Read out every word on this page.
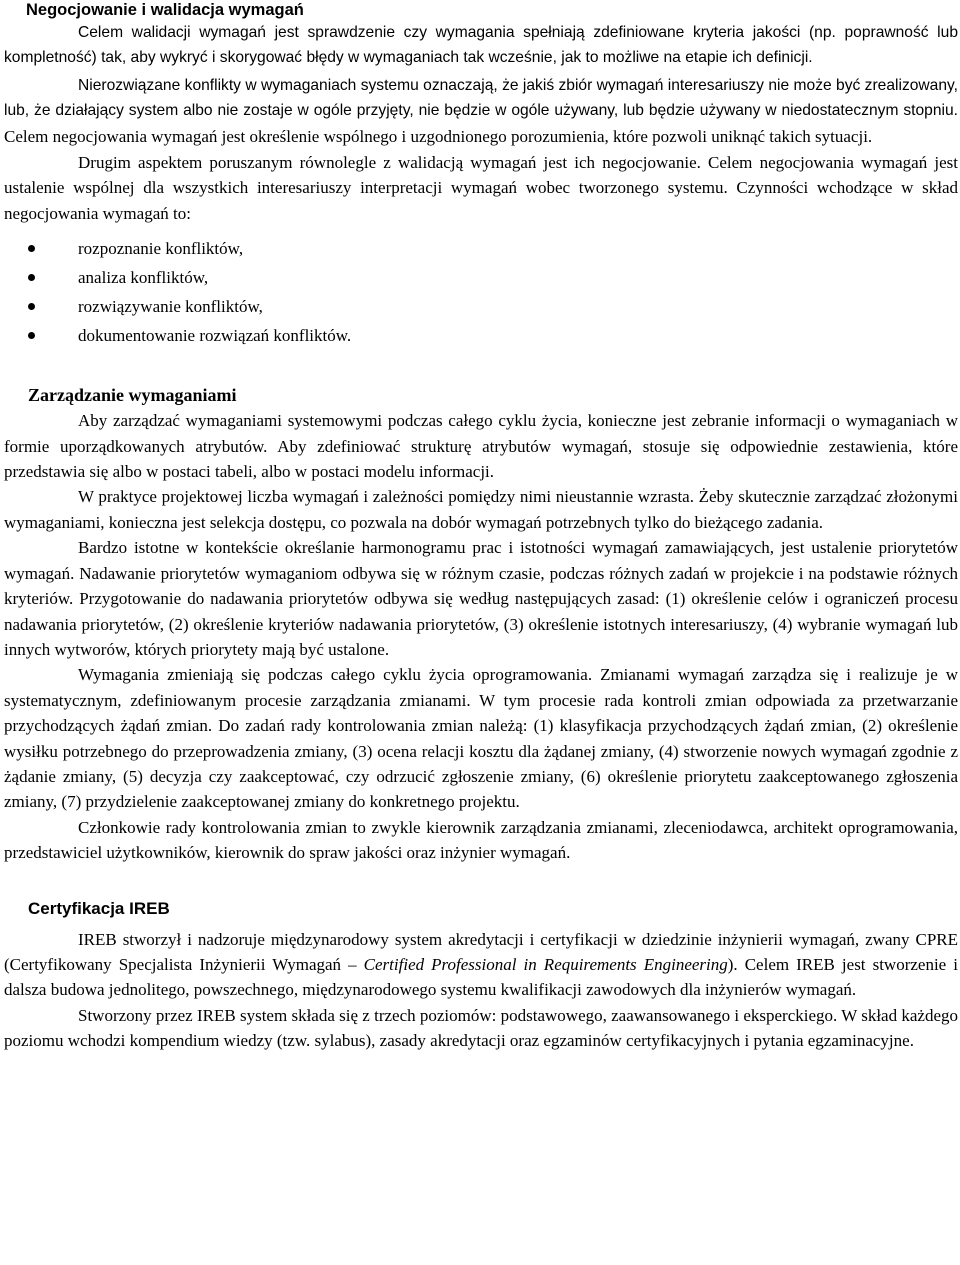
Negocjowanie i walidacja wymagań

Celem walidacji wymagań jest sprawdzenie czy wymagania spełniają zdefiniowane kryteria jakości (np. poprawność lub kompletność) tak, aby wykryć i skorygować błędy w wymaganiach tak wcześnie, jak to możliwe na etapie ich definicji.

Nierozwiązane konflikty w wymaganiach systemu oznaczają, że jakiś zbiór wymagań interesariuszy nie może być zrealizowany, lub, że działający system albo nie zostaje w ogóle przyjęty, nie będzie w ogóle używany, lub będzie używany w niedostatecznym stopniu. Celem negocjowania wymagań jest określenie wspólnego i uzgodnionego porozumienia, które pozwoli uniknąć takich sytuacji.

Drugim aspektem poruszanym równolegle z walidacją wymagań jest ich negocjowanie. Celem negocjowania wymagań jest ustalenie wspólnej dla wszystkich interesariuszy interpretacji wymagań wobec tworzonego systemu. Czynności wchodzące w skład negocjowania wymagań to:

rozpoznanie konfliktów,
analiza konfliktów,
rozwiązywanie konfliktów,
dokumentowanie rozwiązań konfliktów.
Zarządzanie wymaganiami

Aby zarządzać wymaganiami systemowymi podczas całego cyklu życia, konieczne jest zebranie informacji o wymaganiach w formie uporządkowanych atrybutów. Aby zdefiniować strukturę atrybutów wymagań, stosuje się odpowiednie zestawienia, które przedstawia się albo w postaci tabeli, albo w postaci modelu informacji.

W praktyce projektowej liczba wymagań i zależności pomiędzy nimi nieustannie wzrasta. Żeby skutecznie zarządzać złożonymi wymaganiami, konieczna jest selekcja dostępu, co pozwala na dobór wymagań potrzebnych tylko do bieżącego zadania.

Bardzo istotne w kontekście określanie harmonogramu prac i istotności wymagań zamawiających, jest ustalenie priorytetów wymagań. Nadawanie priorytetów wymaganiom odbywa się w różnym czasie, podczas różnych zadań w projekcie i na podstawie różnych kryteriów. Przygotowanie do nadawania priorytetów odbywa się według następujących zasad: (1) określenie celów i ograniczeń procesu nadawania priorytetów, (2) określenie kryteriów nadawania priorytetów, (3) określenie istotnych interesariuszy, (4) wybranie wymagań lub innych wytworów, których priorytety mają być ustalone.

Wymagania zmieniają się podczas całego cyklu życia oprogramowania. Zmianami wymagań zarządza się i realizuje je w systematycznym, zdefiniowanym procesie zarządzania zmianami. W tym procesie rada kontroli zmian odpowiada za przetwarzanie przychodzących żądań zmian. Do zadań rady kontrolowania zmian należą: (1) klasyfikacja przychodzących żądań zmian, (2) określenie wysiłku potrzebnego do przeprowadzenia zmiany, (3) ocena relacji kosztu dla żądanej zmiany, (4) stworzenie nowych wymagań zgodnie z żądanie zmiany, (5) decyzja czy zaakceptować, czy odrzucić zgłoszenie zmiany, (6) określenie priorytetu zaakceptowanego zgłoszenia zmiany, (7) przydzielenie zaakceptowanej zmiany do konkretnego projektu.

Członkowie rady kontrolowania zmian to zwykle kierownik zarządzania zmianami, zleceniodawca, architekt oprogramowania, przedstawiciel użytkowników, kierownik do spraw jakości oraz inżynier wymagań.

Certyfikacja IREB

IREB stworzył i nadzoruje międzynarodowy system akredytacji i certyfikacji w dziedzinie inżynierii wymagań, zwany CPRE (Certyfikowany Specjalista Inżynierii Wymagań – Certified Professional in Requirements Engineering). Celem IREB jest stworzenie i dalsza budowa jednolitego, powszechnego, międzynarodowego systemu kwalifikacji zawodowych dla inżynierów wymagań.

Stworzony przez IREB system składa się z trzech poziomów: podstawowego, zaawansowanego i eksperckiego. W skład każdego poziomu wchodzi kompendium wiedzy (tzw. sylabus), zasady akredytacji oraz egzaminów certyfikacyjnych i pytania egzaminacyjne.
